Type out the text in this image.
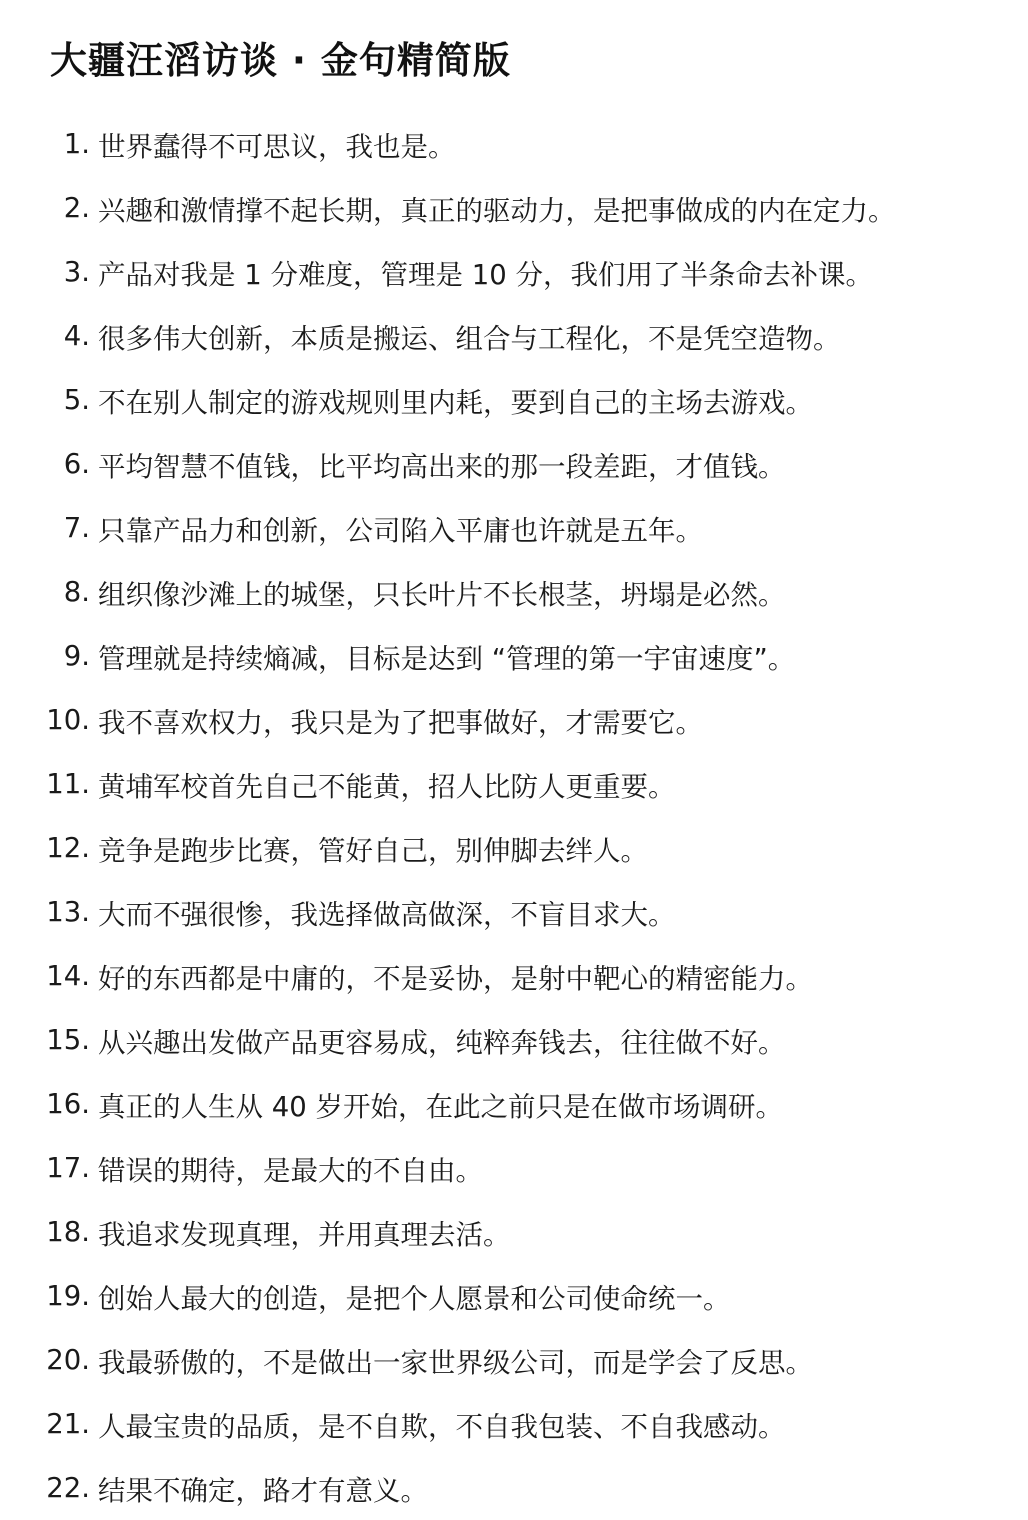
大疆汪滔访谈 · 金句精简版
1. 世界蠢得不可思议，我也是。
2. 兴趣和激情撑不起长期，真正的驱动力，是把事做成的内在定力。
3. 产品对我是 1 分难度，管理是 10 分，我们用了半条命去补课。
4. 很多伟大创新，本质是搬运、组合与工程化，不是凭空造物。
5. 不在别人制定的游戏规则里内耗，要到自己的主场去游戏。
6. 平均智慧不值钱，比平均高出来的那一段差距，才值钱。
7. 只靠产品力和创新，公司陷入平庸也许就是五年。
8. 组织像沙滩上的城堡，只长叶片不长根茎，坍塌是必然。
9. 管理就是持续熵减，目标是达到 “管理的第一宇宙速度”。
10. 我不喜欢权力，我只是为了把事做好，才需要它。
11. 黄埔军校首先自己不能黄，招人比防人更重要。
12. 竞争是跑步比赛，管好自己，别伸脚去绊人。
13. 大而不强很惨，我选择做高做深，不盲目求大。
14. 好的东西都是中庸的，不是妥协，是射中靶心的精密能力。
15. 从兴趣出发做产品更容易成，纯粹奔钱去，往往做不好。
16. 真正的人生从 40 岁开始，在此之前只是在做市场调研。
17. 错误的期待，是最大的不自由。
18. 我追求发现真理，并用真理去活。
19. 创始人最大的创造，是把个人愿景和公司使命统一。
20. 我最骄傲的，不是做出一家世界级公司，而是学会了反思。
21. 人最宝贵的品质，是不自欺，不自我包装、不自我感动。
22. 结果不确定，路才有意义。
